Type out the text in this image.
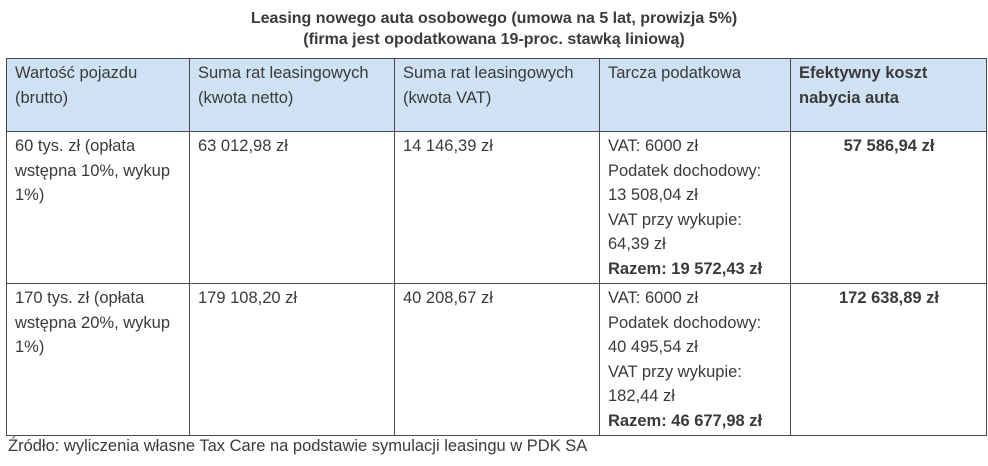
Leasing nowego auta osobowego (umowa na 5 lat, prowizja 5%)
(firma jest opodatkowana 19-proc. stawką liniową)
Wartość pojazdu (brutto)	Suma rat leasingowych (kwota netto)	Suma rat leasingowych (kwota VAT)	Tarcza podatkowa	Efektywny koszt nabycia auta
60 tys. zł (opłata wstępna 10%, wykup 1%)	63 012,98 zł	14 146,39 zł	VAT: 6000 zł
Podatek dochodowy: 13 508,04 zł
VAT przy wykupie: 64,39 zł
Razem: 19 572,43 zł	57 586,94 zł
170 tys. zł (opłata wstępna 20%, wykup 1%)	179 108,20 zł	40 208,67 zł	VAT: 6000 zł
Podatek dochodowy: 40 495,54 zł
VAT przy wykupie: 182,44 zł
Razem: 46 677,98 zł	172 638,89 zł
Źródło: wyliczenia własne Tax Care na podstawie symulacji leasingu w PDK SA
